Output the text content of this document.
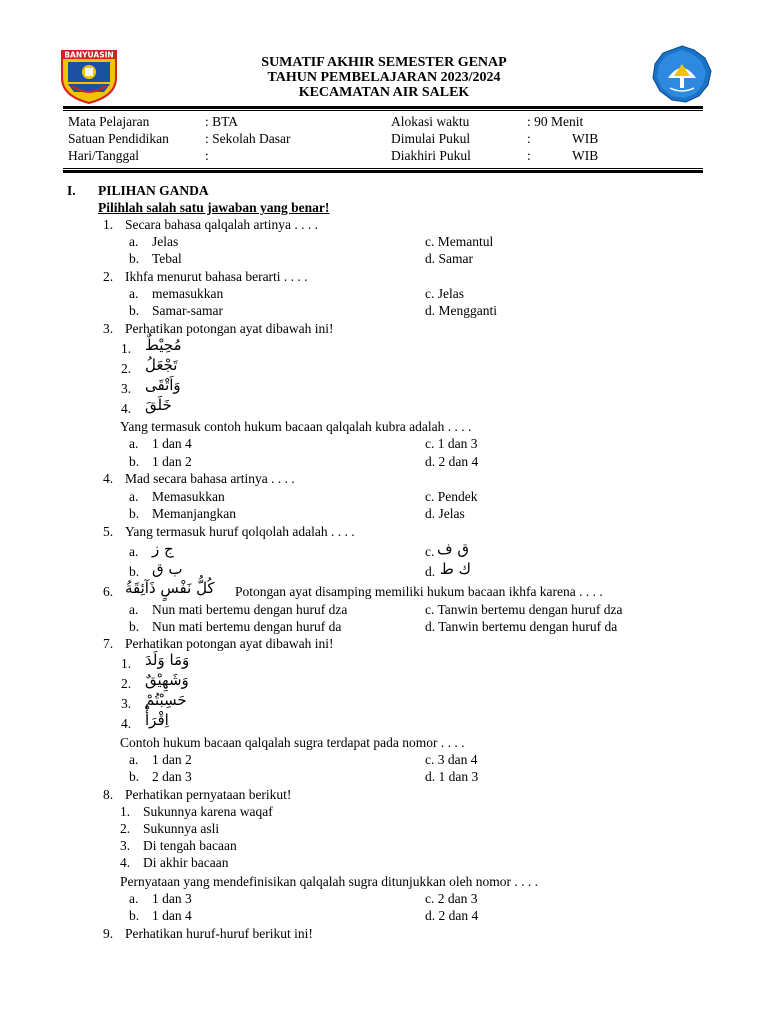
BANYUASIN	SUMATIF AKHIR SEMESTER GENAP
TAHUN PEMBELAJARAN 2023/2024
KECAMATAN AIR SALEK
Mata Pelajaran	: BTA
Satuan Pendidikan	: Sekolah Dasar
Hari/Tanggal	:
Alokasi waktu	: 90 Menit
Dimulai Pukul	:	WIB
Diakhiri Pukul	:	WIB
I. PILIHAN GANDA
Pilihlah salah satu jawaban yang benar!
1. Secara bahasa qalqalah artinya . . . .
a. Jelas	c. Memantul
b. Tebal	d. Samar
2. Ikhfa menurut bahasa berarti . . . .
a. memasukkan	c. Jelas
b. Samar-samar	d. Mengganti
3. Perhatikan potongan ayat dibawah ini!
1. مُحِيْطٌ
2. تَجْعَلُ
3. وَاَتْقَى
4. خَلَقَ
Yang termasuk contoh hukum bacaan qalqalah kubra adalah . . . .
a. 1 dan 4	c. 1 dan 3
b. 1 dan 2	d. 2 dan 4
4. Mad secara bahasa artinya . . . .
a. Memasukkan	c. Pendek
b. Memanjangkan	d. Jelas
5. Yang termasuk huruf qolqolah adalah . . . .
a. ج ز	c. ق ف
b. ب ق	d. ك ط
6. كُلُّ نَفْسٍ ذَآئِقَةُ Potongan ayat disamping memiliki hukum bacaan ikhfa karena . . . .
a. Nun mati bertemu dengan huruf dza	c. Tanwin bertemu dengan huruf dza
b. Nun mati bertemu dengan huruf da	d. Tanwin bertemu dengan huruf da
7. Perhatikan potongan ayat dibawah ini!
1. وَمَا وَلَدَ
2. وَشَهِيْقٌ
3. حَسِبْتُمْ
4. اِقْرَأْ
Contoh hukum bacaan qalqalah sugra terdapat pada nomor . . . .
a. 1 dan 2	c. 3 dan 4
b. 2 dan 3	d. 1 dan 3
8. Perhatikan pernyataan berikut!
1. Sukunnya karena waqaf
2. Sukunnya asli
3. Di tengah bacaan
4. Di akhir bacaan
Pernyataan yang mendefinisikan qalqalah sugra ditunjukkan oleh nomor . . . .
a. 1 dan 3	c. 2 dan 3
b. 1 dan 4	d. 2 dan 4
9. Perhatikan huruf-huruf berikut ini!
